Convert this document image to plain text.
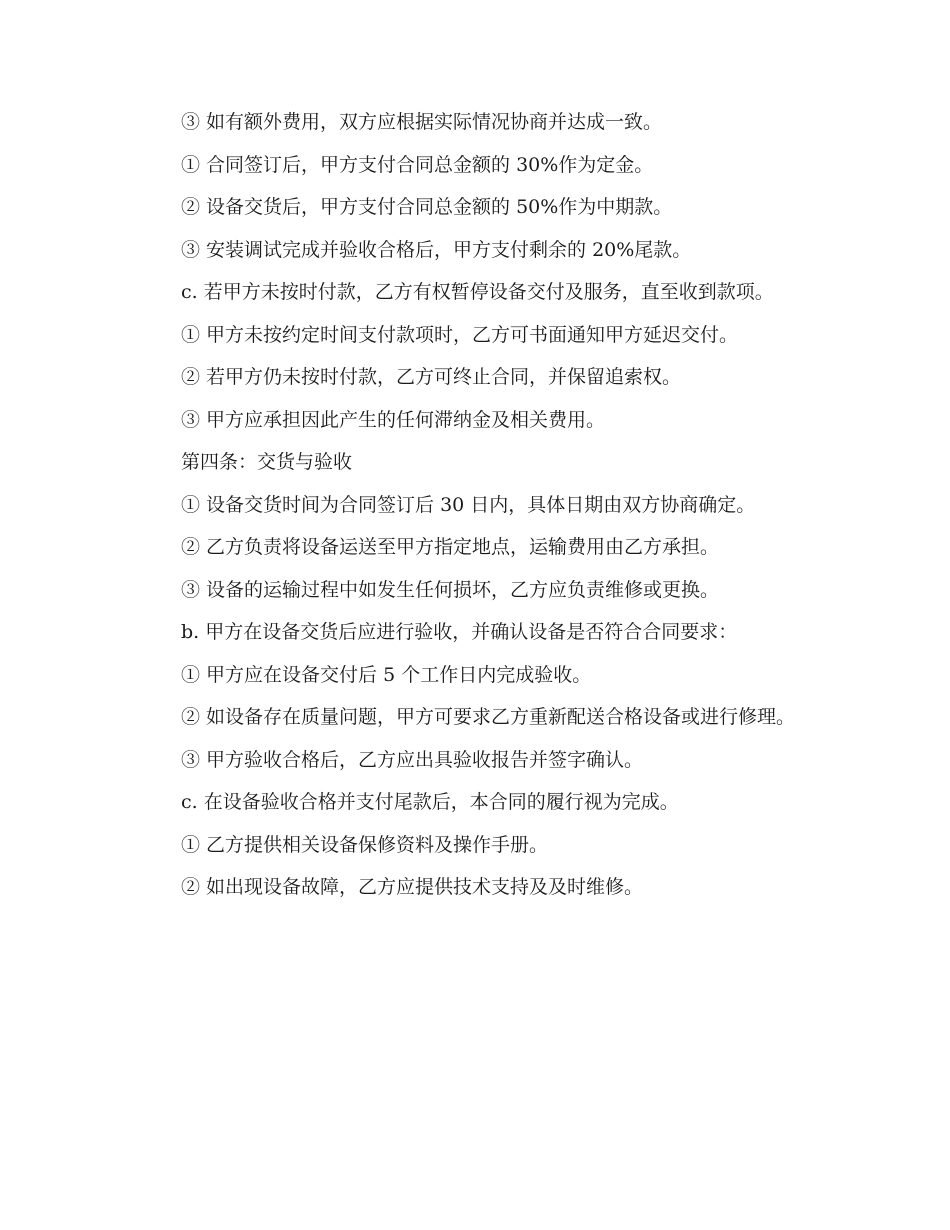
③ 如有额外费用，双方应根据实际情况协商并达成一致。

① 合同签订后，甲方支付合同总金额的 30%作为定金。

② 设备交货后，甲方支付合同总金额的 50%作为中期款。

③ 安装调试完成并验收合格后，甲方支付剩余的 20%尾款。

c. 若甲方未按时付款，乙方有权暂停设备交付及服务，直至收到款项。

① 甲方未按约定时间支付款项时，乙方可书面通知甲方延迟交付。

② 若甲方仍未按时付款，乙方可终止合同，并保留追索权。

③ 甲方应承担因此产生的任何滞纳金及相关费用。

第四条：交货与验收

① 设备交货时间为合同签订后 30 日内，具体日期由双方协商确定。

② 乙方负责将设备运送至甲方指定地点，运输费用由乙方承担。

③ 设备的运输过程中如发生任何损坏，乙方应负责维修或更换。

b. 甲方在设备交货后应进行验收，并确认设备是否符合合同要求：

① 甲方应在设备交付后 5 个工作日内完成验收。

② 如设备存在质量问题，甲方可要求乙方重新配送合格设备或进行修理。

③ 甲方验收合格后，乙方应出具验收报告并签字确认。

c. 在设备验收合格并支付尾款后，本合同的履行视为完成。

① 乙方提供相关设备保修资料及操作手册。

② 如出现设备故障，乙方应提供技术支持及及时维修。
